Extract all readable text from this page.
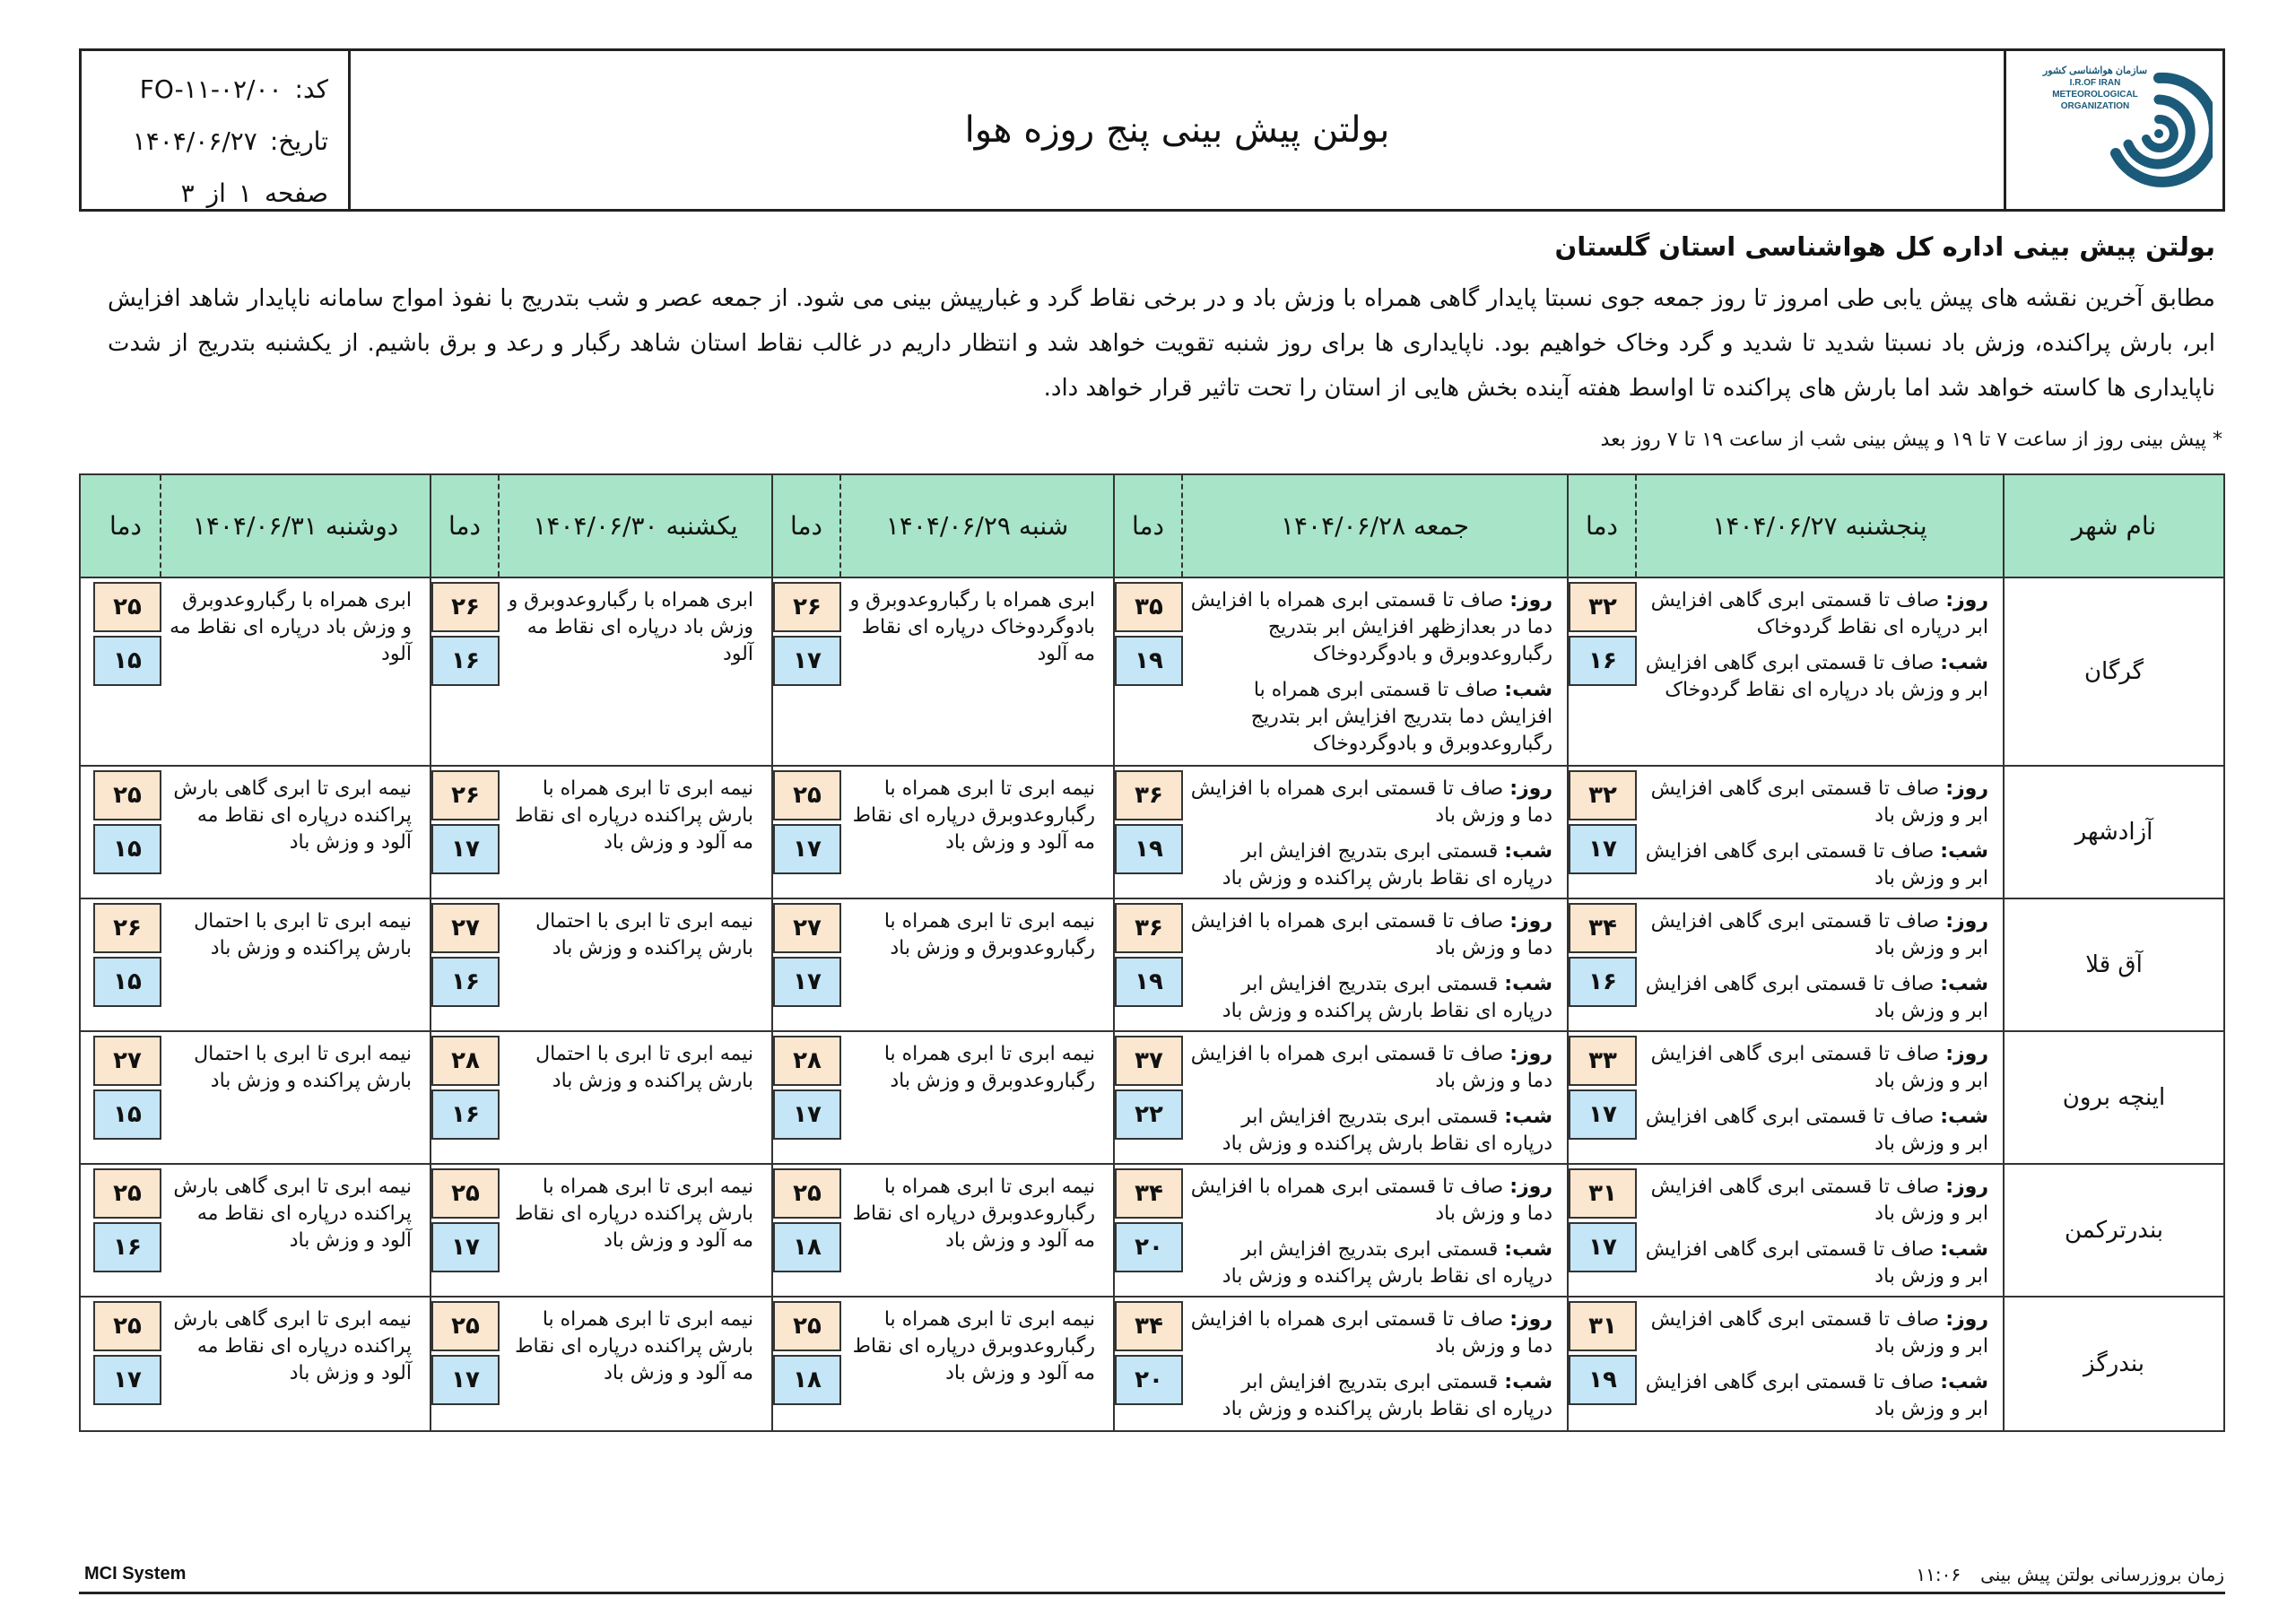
سازمان هواشناسی کشور
I.R.OF IRAN
METEOROLOGICAL
ORGANIZATION
بولتن پیش بینی پنج روزه هوا
کد:
FO-۱۱-۰۲/۰۰
تاریخ:
۱۴۰۴/۰۶/۲۷
صفحه
۱
از
۳
بولتن پیش بینی اداره کل هواشناسی استان گلستان
مطابق آخرین نقشه های پیش یابی طی امروز تا روز جمعه جوی نسبتا پایدار گاهی همراه با وزش باد و در برخی نقاط گرد و غبارپیش بینی می شود. از جمعه عصر و شب بتدریج با نفوذ امواج سامانه ناپایدار شاهد افزایش ابر، بارش پراکنده، وزش باد نسبتا شدید تا شدید و گرد وخاک خواهیم بود. ناپایداری ها برای روز شنبه تقویت خواهد شد و انتظار داریم در غالب نقاط استان شاهد رگبار و رعد و برق باشیم. از یکشنبه بتدریج از شدت ناپایداری ها کاسته خواهد شد اما بارش های پراکنده تا اواسط هفته آینده بخش هایی از استان را تحت تاثیر قرار خواهد داد.
* پیش بینی روز از ساعت ۷ تا ۱۹ و پیش بینی شب از ساعت ۱۹ تا ۷ روز بعد
نام شهر
پنجشنبه ۱۴۰۴/۰۶/۲۷
دما
جمعه ۱۴۰۴/۰۶/۲۸
دما
شنبه ۱۴۰۴/۰۶/۲۹
دما
یکشنبه ۱۴۰۴/۰۶/۳۰
دما
دوشنبه ۱۴۰۴/۰۶/۳۱
دما
گرگان

روز: صاف تا قسمتی ابری گاهی افزایش ابر درپاره ای نقاط گردوخاک

شب: صاف تا قسمتی ابری گاهی افزایش ابر و وزش باد درپاره ای نقاط گردوخاک

۳۲
۱۶

روز: صاف تا قسمتی ابری همراه با افزایش دما در بعدازظهر افزایش ابر بتدریج رگباروعدوبرق و بادوگردوخاک

شب: صاف تا قسمتی ابری همراه با افزایش دما بتدریج افزایش ابر بتدریج رگباروعدوبرق و بادوگردوخاک

۳۵
۱۹
ابری همراه با رگباروعدوبرق و بادوگردوخاک درپاره ای نقاط مه آلود
۲۶
۱۷
ابری همراه با رگباروعدوبرق و وزش باد درپاره ای نقاط مه آلود
۲۶
۱۶
ابری همراه با رگباروعدوبرق و وزش باد درپاره ای نقاط مه آلود
۲۵
۱۵
آزادشهر

روز: صاف تا قسمتی ابری گاهی افزایش ابر و وزش باد

شب: صاف تا قسمتی ابری گاهی افزایش ابر و وزش باد

۳۲
۱۷

روز: صاف تا قسمتی ابری همراه با افزایش دما و وزش باد

شب: قسمتی ابری بتدریج افزایش ابر درپاره ای نقاط بارش پراکنده و وزش باد

۳۶
۱۹
نیمه ابری تا ابری همراه با رگباروعدوبرق درپاره ای نقاط مه آلود و وزش باد
۲۵
۱۷
نیمه ابری تا ابری همراه با بارش پراکنده درپاره ای نقاط مه آلود و وزش باد
۲۶
۱۷
نیمه ابری تا ابری گاهی بارش پراکنده درپاره ای نقاط مه آلود و وزش باد
۲۵
۱۵
آق قلا

روز: صاف تا قسمتی ابری گاهی افزایش ابر و وزش باد

شب: صاف تا قسمتی ابری گاهی افزایش ابر و وزش باد

۳۴
۱۶

روز: صاف تا قسمتی ابری همراه با افزایش دما و وزش باد

شب: قسمتی ابری بتدریج افزایش ابر درپاره ای نقاط بارش پراکنده و وزش باد

۳۶
۱۹
نیمه ابری تا ابری همراه با رگباروعدوبرق و وزش باد
۲۷
۱۷
نیمه ابری تا ابری با احتمال بارش پراکنده و وزش باد
۲۷
۱۶
نیمه ابری تا ابری با احتمال بارش پراکنده و وزش باد
۲۶
۱۵
اینچه برون

روز: صاف تا قسمتی ابری گاهی افزایش ابر و وزش باد

شب: صاف تا قسمتی ابری گاهی افزایش ابر و وزش باد

۳۳
۱۷

روز: صاف تا قسمتی ابری همراه با افزایش دما و وزش باد

شب: قسمتی ابری بتدریج افزایش ابر درپاره ای نقاط بارش پراکنده و وزش باد

۳۷
۲۲
نیمه ابری تا ابری همراه با رگباروعدوبرق و وزش باد
۲۸
۱۷
نیمه ابری تا ابری با احتمال بارش پراکنده و وزش باد
۲۸
۱۶
نیمه ابری تا ابری با احتمال بارش پراکنده و وزش باد
۲۷
۱۵
بندرترکمن

روز: صاف تا قسمتی ابری گاهی افزایش ابر و وزش باد

شب: صاف تا قسمتی ابری گاهی افزایش ابر و وزش باد

۳۱
۱۷

روز: صاف تا قسمتی ابری همراه با افزایش دما و وزش باد

شب: قسمتی ابری بتدریج افزایش ابر درپاره ای نقاط بارش پراکنده و وزش باد

۳۴
۲۰
نیمه ابری تا ابری همراه با رگباروعدوبرق درپاره ای نقاط مه آلود و وزش باد
۲۵
۱۸
نیمه ابری تا ابری همراه با بارش پراکنده درپاره ای نقاط مه آلود و وزش باد
۲۵
۱۷
نیمه ابری تا ابری گاهی بارش پراکنده درپاره ای نقاط مه آلود و وزش باد
۲۵
۱۶
بندرگز

روز: صاف تا قسمتی ابری گاهی افزایش ابر و وزش باد

شب: صاف تا قسمتی ابری گاهی افزایش ابر و وزش باد

۳۱
۱۹

روز: صاف تا قسمتی ابری همراه با افزایش دما و وزش باد

شب: قسمتی ابری بتدریج افزایش ابر درپاره ای نقاط بارش پراکنده و وزش باد

۳۴
۲۰
نیمه ابری تا ابری همراه با رگباروعدوبرق درپاره ای نقاط مه آلود و وزش باد
۲۵
۱۸
نیمه ابری تا ابری همراه با بارش پراکنده درپاره ای نقاط مه آلود و وزش باد
۲۵
۱۷
نیمه ابری تا ابری گاهی بارش پراکنده درپاره ای نقاط مه آلود و وزش باد
۲۵
۱۷
MCI System	زمان بروزرسانی بولتن پیش بینی
۱۱:۰۶
